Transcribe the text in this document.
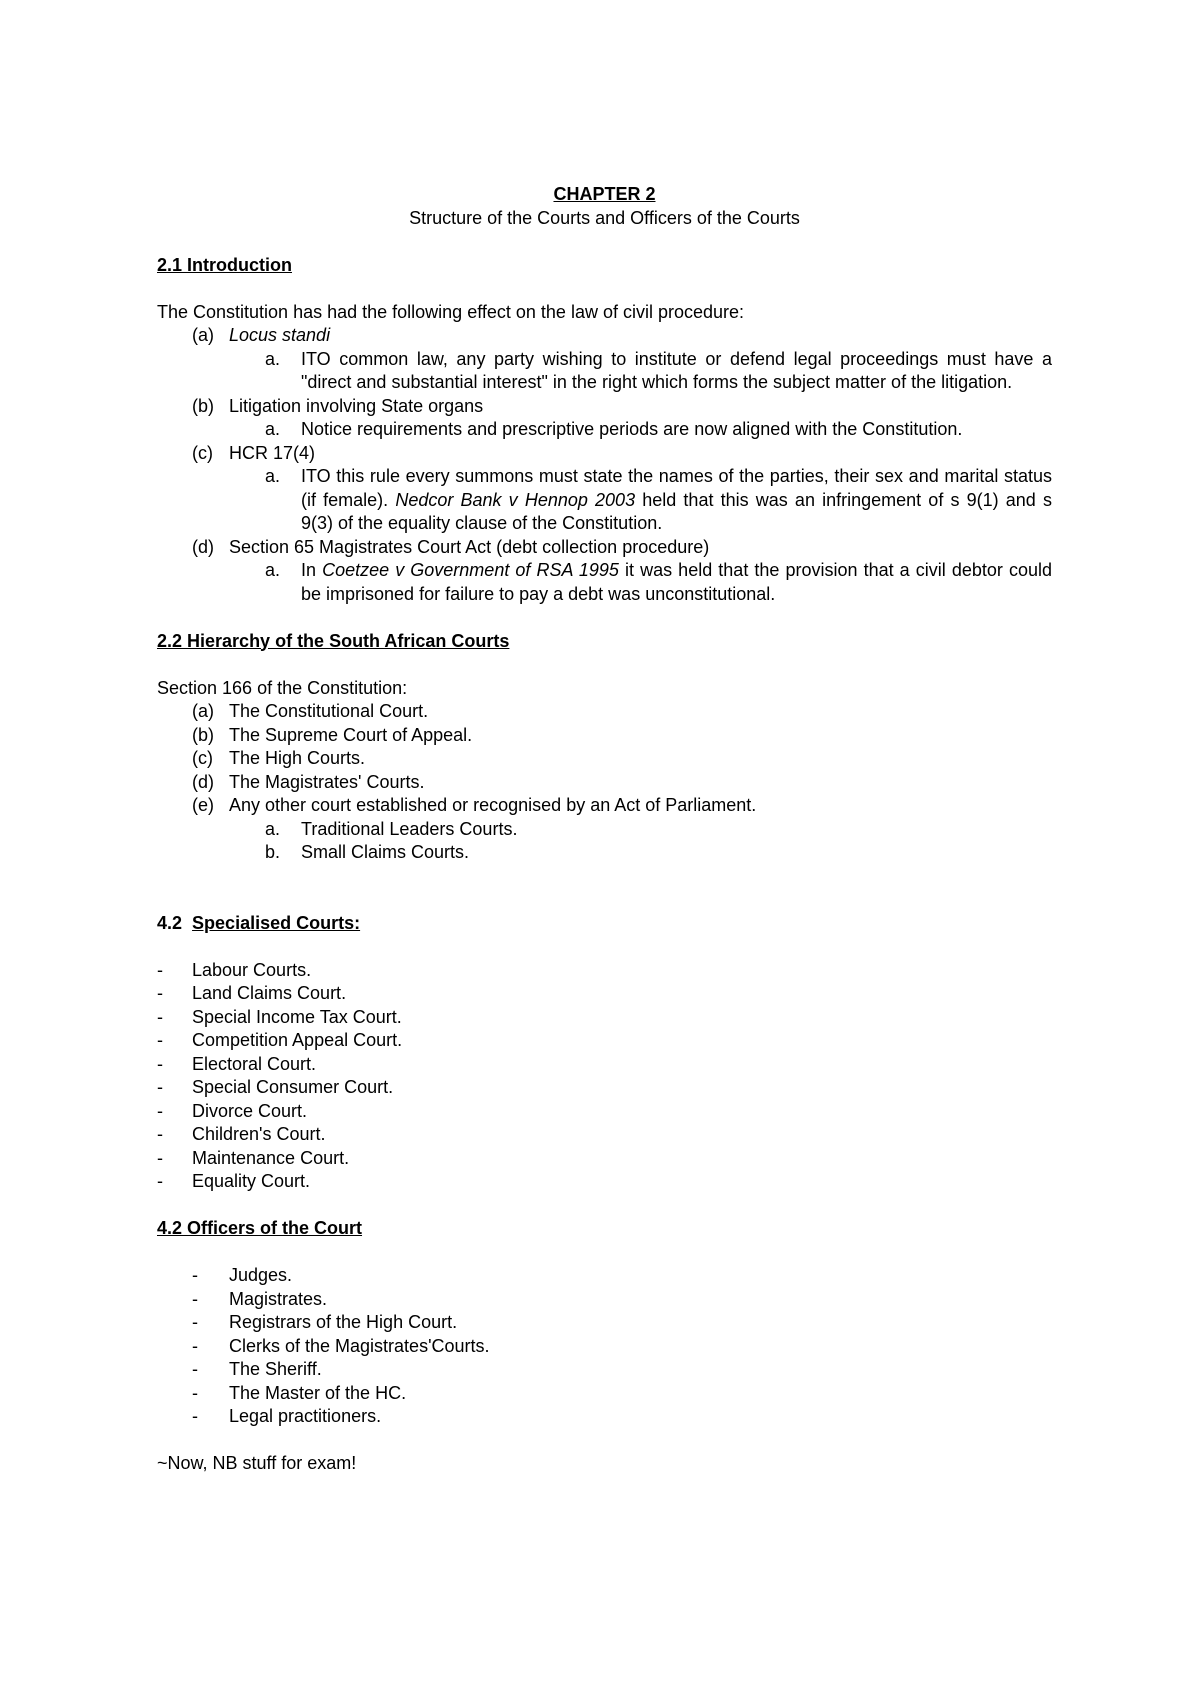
CHAPTER 2
Structure of the Courts and Officers of the Courts
2.1 Introduction
The Constitution has had the following effect on the law of civil procedure:
(a) Locus standi
a. ITO common law, any party wishing to institute or defend legal proceedings must have a "direct and substantial interest" in the right which forms the subject matter of the litigation.
(b) Litigation involving State organs
a. Notice requirements and prescriptive periods are now aligned with the Constitution.
(c) HCR 17(4)
a. ITO this rule every summons must state the names of the parties, their sex and marital status (if female). Nedcor Bank v Hennop 2003 held that this was an infringement of s 9(1) and s 9(3) of the equality clause of the Constitution.
(d) Section 65 Magistrates Court Act (debt collection procedure)
a. In Coetzee v Government of RSA 1995 it was held that the provision that a civil debtor could be imprisoned for failure to pay a debt was unconstitutional.
2.2 Hierarchy of the South African Courts
Section 166 of the Constitution:
(a) The Constitutional Court.
(b) The Supreme Court of Appeal.
(c) The High Courts.
(d) The Magistrates' Courts.
(e) Any other court established or recognised by an Act of Parliament.
a. Traditional Leaders Courts.
b. Small Claims Courts.
4.2 Specialised Courts:
- Labour Courts.
- Land Claims Court.
- Special Income Tax Court.
- Competition Appeal Court.
- Electoral Court.
- Special Consumer Court.
- Divorce Court.
- Children's Court.
- Maintenance Court.
- Equality Court.
4.2 Officers of the Court
- Judges.
- Magistrates.
- Registrars of the High Court.
- Clerks of the Magistrates'Courts.
- The Sheriff.
- The Master of the HC.
- Legal practitioners.
~Now, NB stuff for exam!
